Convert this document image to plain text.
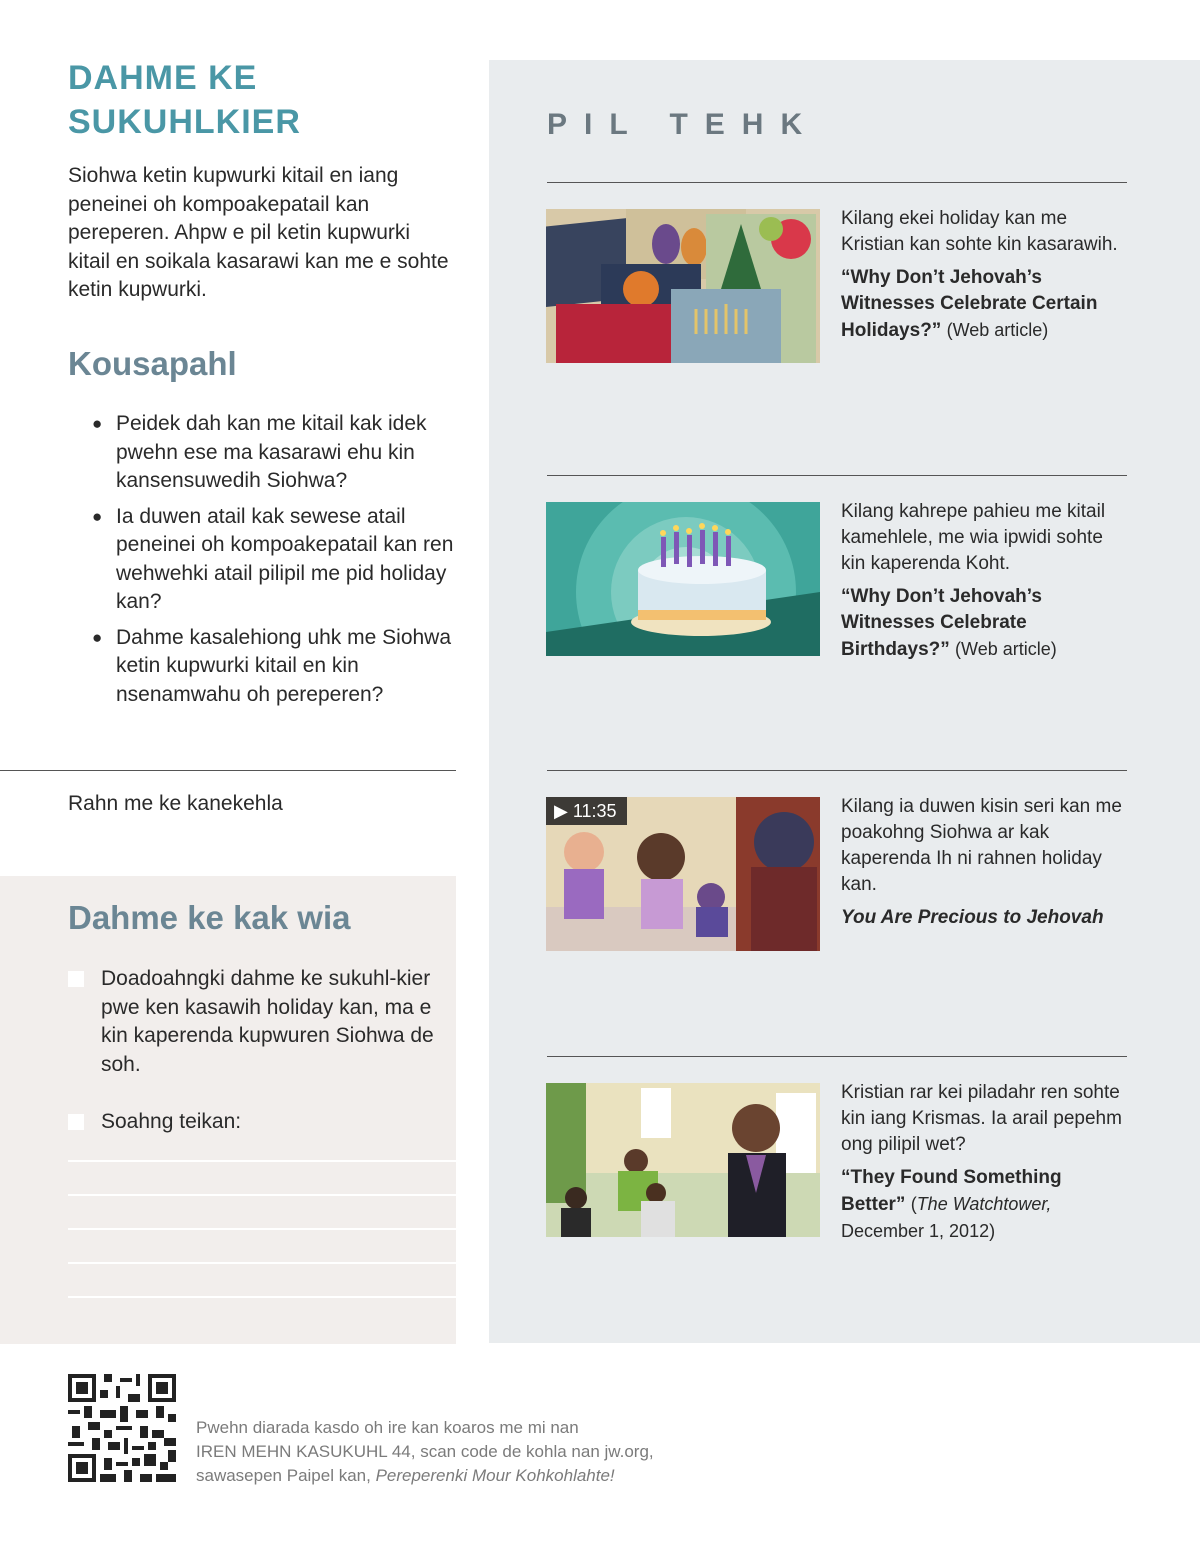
DAHME KE SUKUHLKIER

Siohwa ketin kupwurki kitail en iang peneinei oh kompoakepatail kan pereperen. Ahpw e pil ketin kupwurki kitail en soikala kasarawi kan me e sohte ketin kupwurki.

Kousapahl
● Peidek dah kan me kitail kak idek pwehn ese ma kasarawi ehu kin kansensuwedih Siohwa?
● Ia duwen atail kak sewese atail peneinei oh kompoakepatail kan ren wehwehki atail pilipil me pid holiday kan?
● Dahme kasalehiong uhk me Siohwa ketin kupwurki kitail en kin nsenamwahu oh pereperen?
Rahn me ke kanekehla
Dahme ke kak wia
Doadoahngki dahme ke sukuhl-kier pwe ken kasawih holiday kan, ma e kin kaperenda kupwuren Siohwa de soh.
Soahng teikan:
PIL TEHK
Kilang ekei holiday kan me Kristian kan sohte kin kasarawih.
“Why Don’t Jehovah’s Witnesses Celebrate Certain Holidays?” (Web article)
Kilang kahrepe pahieu me kitail kamehlele, me wia ipwidi sohte kin kaperenda Koht.
“Why Don’t Jehovah’s Witnesses Celebrate Birthdays?” (Web article)
▶ 11:35	Kilang ia duwen kisin seri kan me poakohng Siohwa ar kak kaperenda Ih ni rahnen holiday kan.
You Are Precious to Jehovah
Kristian rar kei piladahr ren sohte kin iang Krismas. Ia arail pepehm ong pilipil wet?
“They Found Something Better” (The Watchtower, December 1, 2012)
Pwehn diarada kasdo oh ire kan koaros me mi nan
IREN MEHN KASUKUHL 44, scan code de kohla nan jw.org,
sawasepen Paipel kan, Pereperenki Mour Kohkohlahte!
